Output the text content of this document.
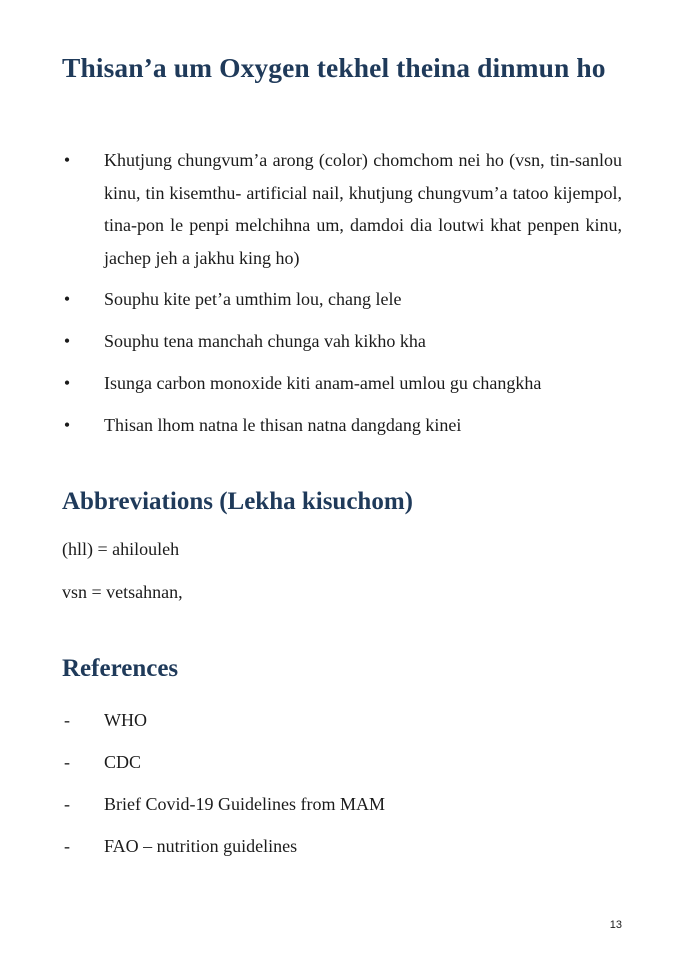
Thisan’a um Oxygen tekhel theina dinmun ho
• Khutjung chungvum’a arong (color) chomchom nei ho (vsn, tin-sanlou kinu, tin kisemthu- artificial nail, khutjung chungvum’a tatoo kijempol, tina-pon le penpi melchihna um, damdoi dia loutwi khat penpen kinu, jachep jeh a jakhu king ho)
• Souphu kite pet’a umthim lou, chang lele
• Souphu tena manchah chunga vah kikho kha
• Isunga carbon monoxide kiti anam-amel umlou gu changkha
• Thisan lhom natna le thisan natna dangdang kinei
Abbreviations (Lekha kisuchom)

(hll) = ahilouleh

vsn = vetsahnan,

References
- WHO
- CDC
- Brief Covid-19 Guidelines from MAM
- FAO – nutrition guidelines

13
